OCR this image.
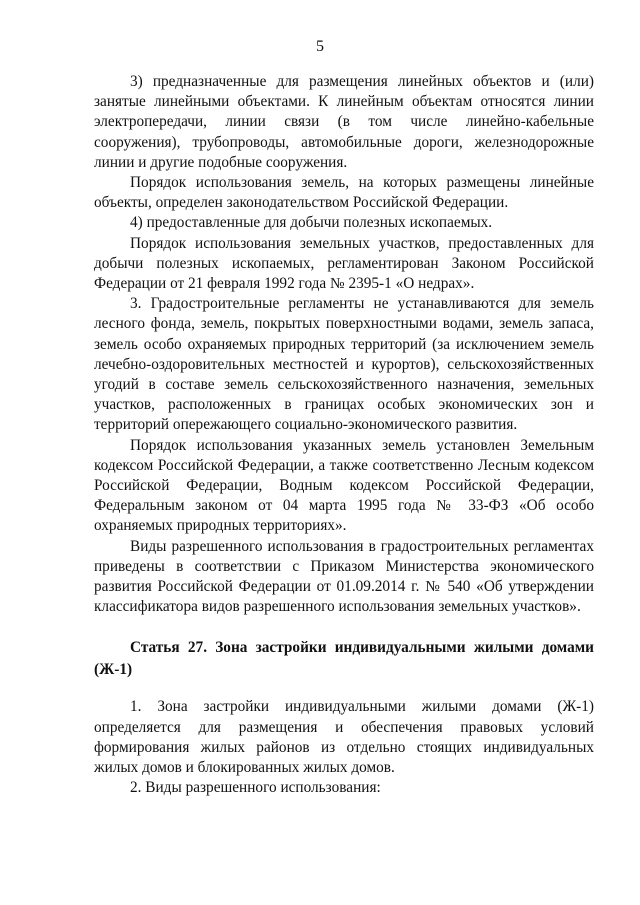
5

3) предназначенные для размещения линейных объектов и (или) занятые линейными объектами. К линейным объектам относятся линии электропередачи, линии связи (в том числе линейно-кабельные сооружения), трубопроводы, автомобильные дороги, железнодорожные линии и другие подобные сооружения.

Порядок использования земель, на которых размещены линейные объекты, определен законодательством Российской Федерации.

4) предоставленные для добычи полезных ископаемых.

Порядок использования земельных участков, предоставленных для добычи полезных ископаемых, регламентирован Законом Российской Федерации от 21 февраля 1992 года № 2395-1 «О недрах».

3. Градостроительные регламенты не устанавливаются для земель лесного фонда, земель, покрытых поверхностными водами, земель запаса, земель особо охраняемых природных территорий (за исключением земель лечебно-оздоровительных местностей и курортов), сельскохозяйственных угодий в составе земель сельскохозяйственного назначения, земельных участков, расположенных в границах особых экономических зон и территорий опережающего социально-экономического развития.

Порядок использования указанных земель установлен Земельным кодексом Российской Федерации, а также соответственно Лесным кодексом Российской Федерации, Водным кодексом Российской Федерации, Федеральным законом от 04 марта 1995 года № 33-ФЗ «Об особо охраняемых природных территориях».

Виды разрешенного использования в градостроительных регламентах приведены в соответствии с Приказом Министерства экономического развития Российской Федерации от 01.09.2014 г. № 540 «Об утверждении классификатора видов разрешенного использования земельных участков».

Статья 27. Зона застройки индивидуальными жилыми домами (Ж-1)

1. Зона застройки индивидуальными жилыми домами (Ж-1) определяется для размещения и обеспечения правовых условий формирования жилых районов из отдельно стоящих индивидуальных жилых домов и блокированных жилых домов.

2. Виды разрешенного использования:
